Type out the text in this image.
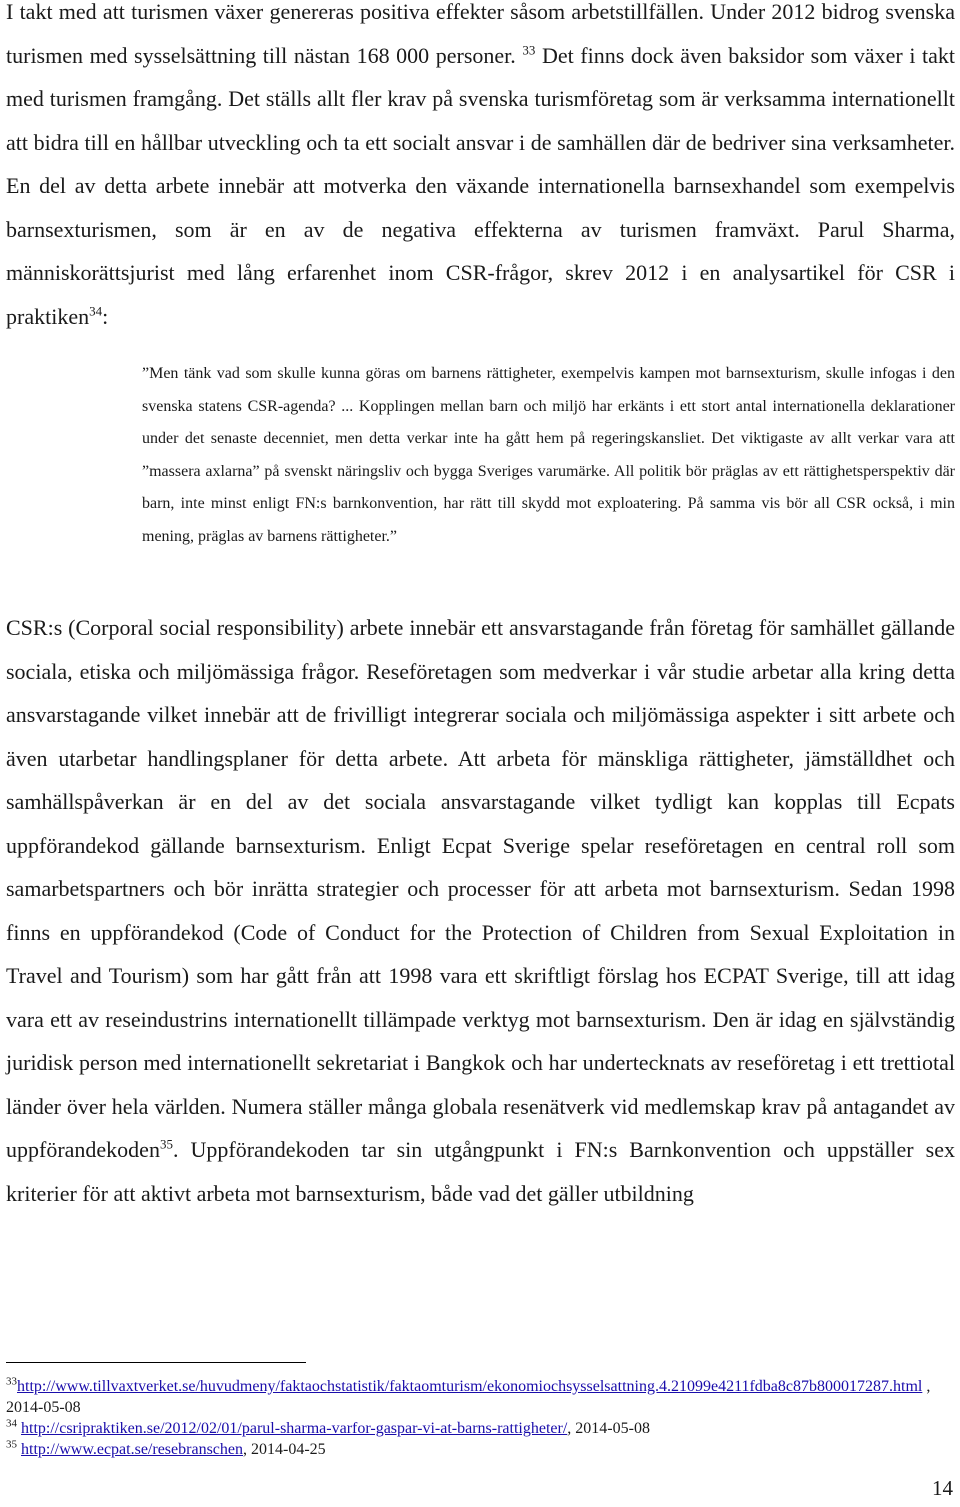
I takt med att turismen växer genereras positiva effekter såsom arbetstillfällen. Under 2012 bidrog svenska turismen med sysselsättning till nästan 168 000 personer. $^{33}$ Det finns dock även baksidor som växer i takt med turismen framgång. Det ställs allt fler krav på svenska turismföretag som är verksamma internationellt att bidra till en hållbar utveckling och ta ett socialt ansvar i de samhällen där de bedriver sina verksamheter. En del av detta arbete innebär att motverka den växande internationella barnsexhandel som exempelvis barnsexturismen, som är en av de negativa effekterna av turismen framväxt. Parul Sharma, människorättsjurist med lång erfarenhet inom CSR-frågor, skrev 2012 i en analysartikel för CSR i praktiken$^{34}$:

”Men tänk vad som skulle kunna göras om barnens rättigheter, exempelvis kampen mot barnsexturism, skulle infogas i den svenska statens CSR-agenda? ... Kopplingen mellan barn och miljö har erkänts i ett stort antal internationella deklarationer under det senaste decenniet, men detta verkar inte ha gått hem på regeringskansliet. Det viktigaste av allt verkar vara att ”massera axlarna” på svenskt näringsliv och bygga Sveriges varumärke. All politik bör präglas av ett rättighetsperspektiv där barn, inte minst enligt FN:s barnkonvention, har rätt till skydd mot exploatering. På samma vis bör all CSR också, i min mening, präglas av barnens rättigheter.”

CSR:s (Corporal social responsibility) arbete innebär ett ansvarstagande från företag för samhället gällande sociala, etiska och miljömässiga frågor. Reseföretagen som medverkar i vår studie arbetar alla kring detta ansvarstagande vilket innebär att de frivilligt integrerar sociala och miljömässiga aspekter i sitt arbete och även utarbetar handlingsplaner för detta arbete. Att arbeta för mänskliga rättigheter, jämställdhet och samhällspåverkan är en del av det sociala ansvarstagande vilket tydligt kan kopplas till Ecpats uppförandekod gällande barnsexturism. Enligt Ecpat Sverige spelar reseföretagen en central roll som samarbetspartners och bör inrätta strategier och processer för att arbeta mot barnsexturism. Sedan 1998 finns en uppförandekod (Code of Conduct for the Protection of Children from Sexual Exploitation in Travel and Tourism) som har gått från att 1998 vara ett skriftligt förslag hos ECPAT Sverige, till att idag vara ett av reseindustrins internationellt tillämpade verktyg mot barnsexturism. Den är idag en självständig juridisk person med internationellt sekretariat i Bangkok och har undertecknats av reseföretag i ett trettiotal länder över hela världen. Numera ställer många globala resenätverk vid medlemskap krav på antagandet av uppförandekoden$^{35}$. Uppförandekoden tar sin utgångpunkt i FN:s Barnkonvention och uppställer sex kriterier för att aktivt arbeta mot barnsexturism, både vad det gäller utbildning

$^{33}$http://www.tillvaxtverket.se/huvudmeny/faktaochstatistik/faktaomturism/ekonomiochsysselsattning.4.21099e4211fdba8c87b800017287.html , 2014-05-08
$^{34}$ http://csripraktiken.se/2012/02/01/parul-sharma-varfor-gaspar-vi-at-barns-rattigheter/, 2014-05-08
$^{35}$ http://www.ecpat.se/resebranschen, 2014-04-25
14
